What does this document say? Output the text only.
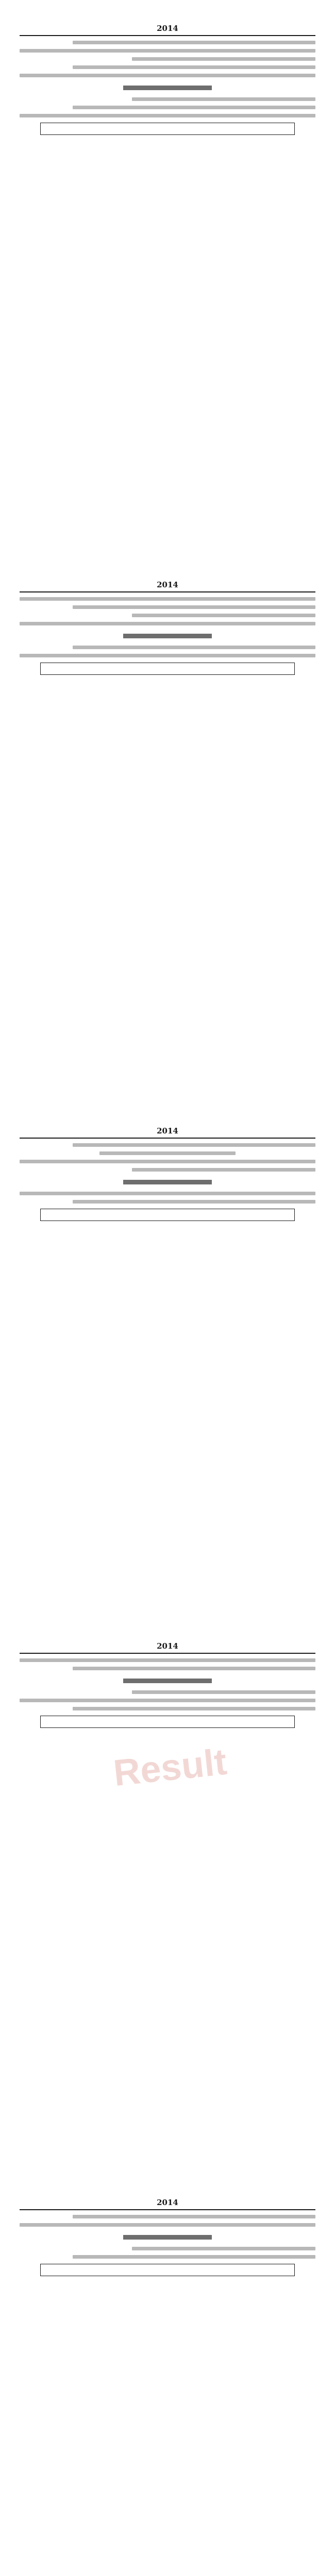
Result
2014
2014
2014
2014
2014
